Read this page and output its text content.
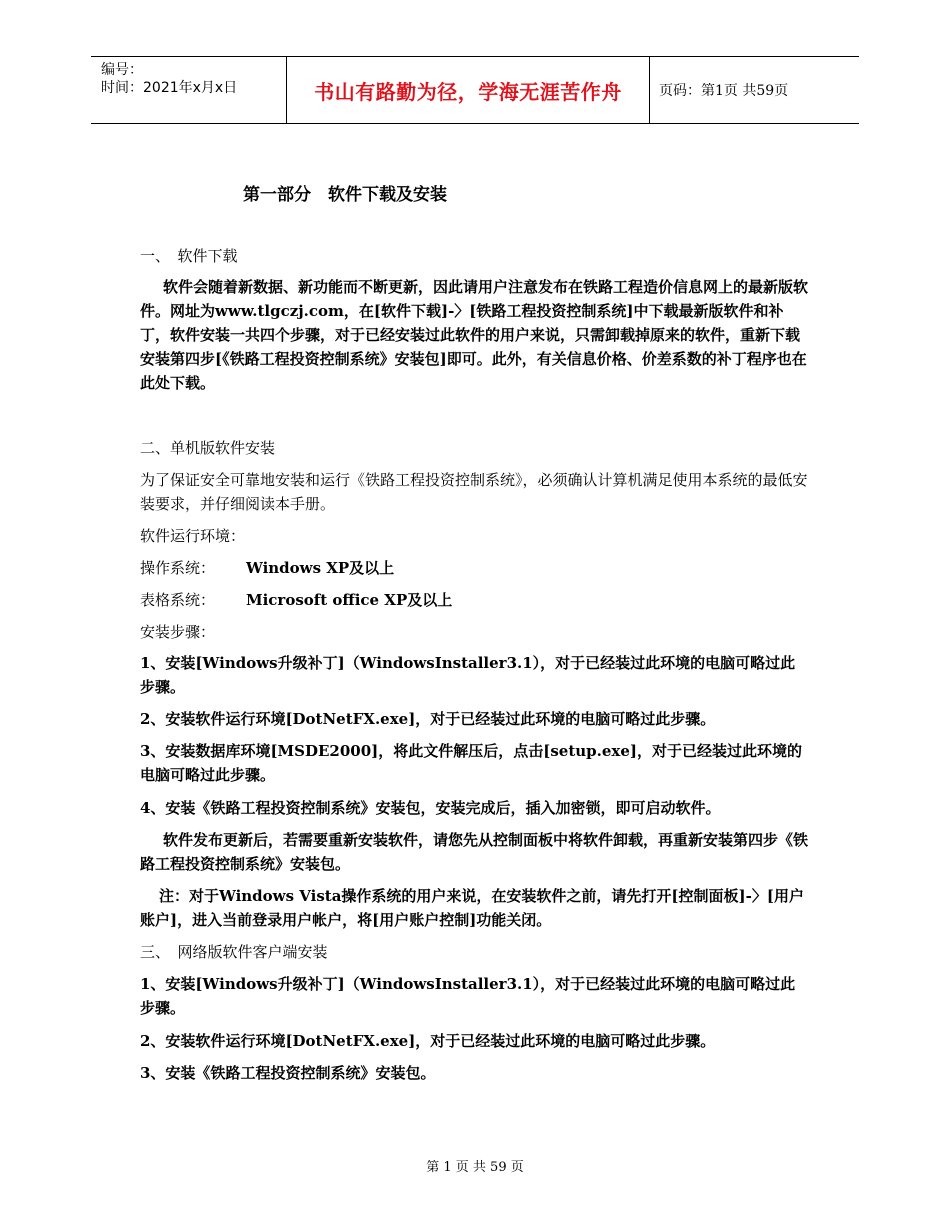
编号：
时间：2021年x月x日	书山有路勤为径，学海无涯苦作舟	页码：第1页 共59页
第一部分　软件下载及安装
一、　软件下载
　软件会随着新数据、新功能而不断更新，因此请用户注意发布在铁路工程造价信息网上的最新版软件。网址为www.tlgczj.com，在[软件下载]-〉[铁路工程投资控制系统]中下载最新版软件和补丁，软件安装一共四个步骤，对于已经安装过此软件的用户来说，只需卸载掉原来的软件，重新下载安装第四步[《铁路工程投资控制系统》安装包]即可。此外，有关信息价格、价差系数的补丁程序也在此处下载。
二、单机版软件安装
为了保证安全可靠地安装和运行《铁路工程投资控制系统》，必须确认计算机满足使用本系统的最低安装要求，并仔细阅读本手册。
软件运行环境：
操作系统： Windows XP及以上
表格系统： Microsoft office XP及以上
安装步骤：
1、安装[Windows升级补丁]（WindowsInstaller3.1），对于已经装过此环境的电脑可略过此步骤。
2、安装软件运行环境[DotNetFX.exe]，对于已经装过此环境的电脑可略过此步骤。
3、安装数据库环境[MSDE2000]，将此文件解压后，点击[setup.exe]，对于已经装过此环境的电脑可略过此步骤。
4、安装《铁路工程投资控制系统》安装包，安装完成后，插入加密锁，即可启动软件。
　软件发布更新后，若需要重新安装软件，请您先从控制面板中将软件卸载，再重新安装第四步《铁路工程投资控制系统》安装包。
　注：对于Windows Vista操作系统的用户来说，在安装软件之前，请先打开[控制面板]-〉[用户账户]，进入当前登录用户帐户，将[用户账户控制]功能关闭。
三、　网络版软件客户端安装
1、安装[Windows升级补丁]（WindowsInstaller3.1），对于已经装过此环境的电脑可略过此步骤。
2、安装软件运行环境[DotNetFX.exe]，对于已经装过此环境的电脑可略过此步骤。
3、安装《铁路工程投资控制系统》安装包。
第 1 页 共 59 页
